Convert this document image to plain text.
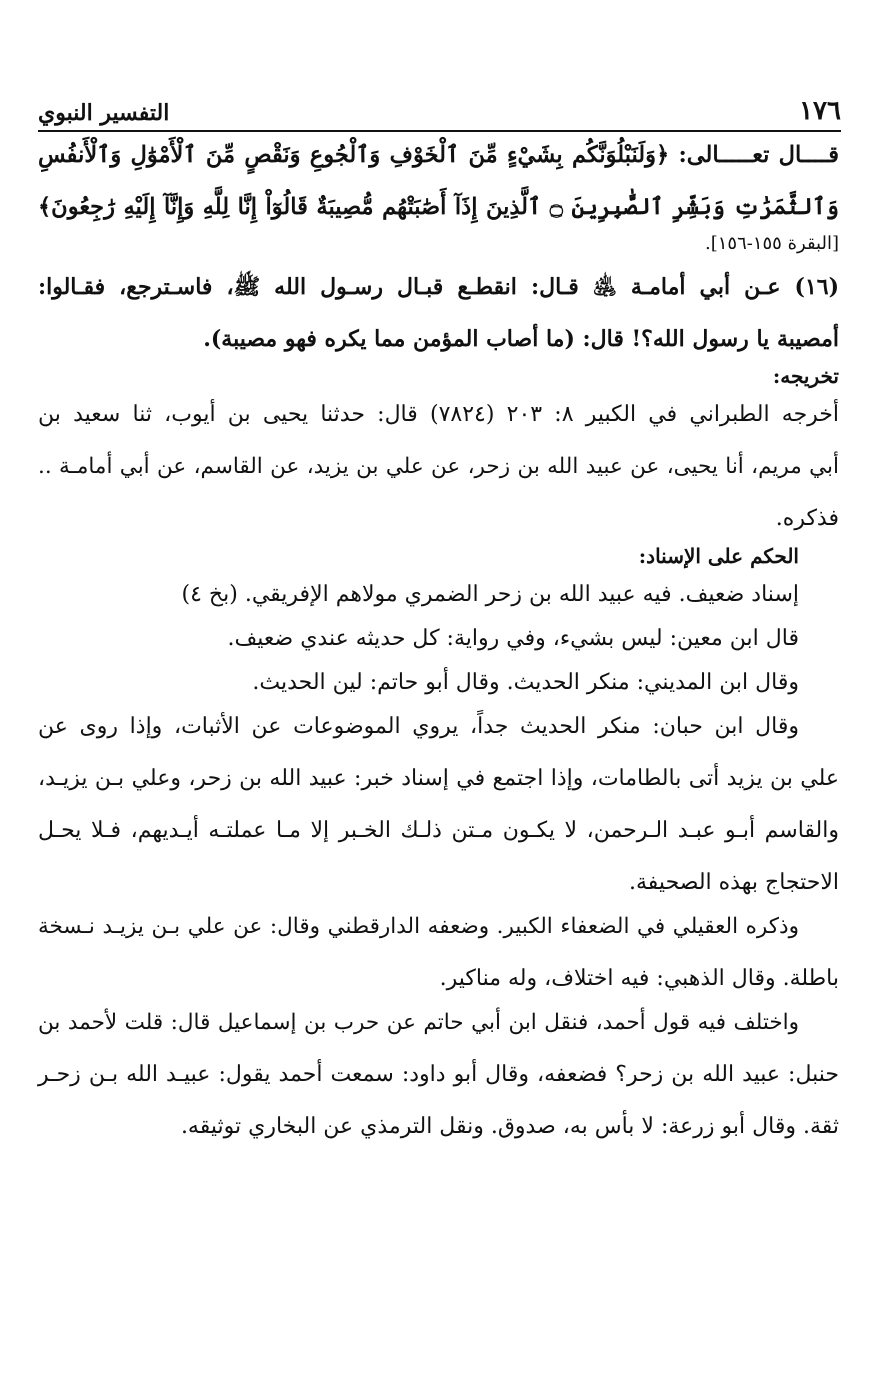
١٧٦
التفسير النبوي
قــــال تعـــــالى: ﴿وَلَنَبْلُوَنَّكُم بِشَيْءٍ مِّنَ ٱلْخَوْفِ وَٱلْجُوعِ وَنَقْصٍ مِّنَ ٱلْأَمْوَٰلِ وَٱلْأَنفُسِ
وَٱلثَّمَرَٰتِ وَبَشِّرِ ٱلصَّٰبِرِينَ ۝ ٱلَّذِينَ إِذَآ أَصَٰبَتْهُم مُّصِيبَةٌ قَالُوٓاْ إِنَّا لِلَّهِ وَإِنَّآ إِلَيْهِ رَٰجِعُونَ﴾
[البقرة ١٥٥-١٥٦].
(١٦) عـن أبي أمامـة ﵁ قـال: انقطـع قبـال رسـول الله ﷺ، فاسـترجع، فقـالوا:
أمصيبة يا رسول الله؟! قال: (ما أصاب المؤمن مما يكره فهو مصيبة).
تخريجه:
أخرجه الطبراني في الكبير ٨: ٢٠٣ (٧٨٢٤) قال: حدثنا يحيى بن أيوب، ثنا سعيد بن
أبي مريم، أنا يحيى، عن عبيد الله بن زحر، عن علي بن يزيد، عن القاسم، عن أبي أمامـة ..
فذكره.
الحكم على الإسناد:
إسناد ضعيف. فيه عبيد الله بن زحر الضمري مولاهم الإفريقي. (بخ ٤)
قال ابن معين: ليس بشيء، وفي رواية: كل حديثه عندي ضعيف.
وقال ابن المديني: منكر الحديث. وقال أبو حاتم: لين الحديث.
وقال ابن حبان: منكر الحديث جداً، يروي الموضوعات عن الأثبات، وإذا روى عن
علي بن يزيد أتى بالطامات، وإذا اجتمع في إسناد خبر: عبيد الله بن زحر، وعلي بـن يزيـد،
والقاسم أبـو عبـد الـرحمن، لا يكـون مـتن ذلـك الخـبر إلا مـا عملتـه أيـديهم، فـلا يحـل
الاحتجاج بهذه الصحيفة.
وذكره العقيلي في الضعفاء الكبير. وضعفه الدارقطني وقال: عن علي بـن يزيـد نـسخة
باطلة. وقال الذهبي: فيه اختلاف، وله مناكير.
واختلف فيه قول أحمد، فنقل ابن أبي حاتم عن حرب بن إسماعيل قال: قلت لأحمد بن
حنبل: عبيد الله بن زحر؟ فضعفه، وقال أبو داود: سمعت أحمد يقول: عبيـد الله بـن زحـر
ثقة. وقال أبو زرعة: لا بأس به، صدوق. ونقل الترمذي عن البخاري توثيقه.
